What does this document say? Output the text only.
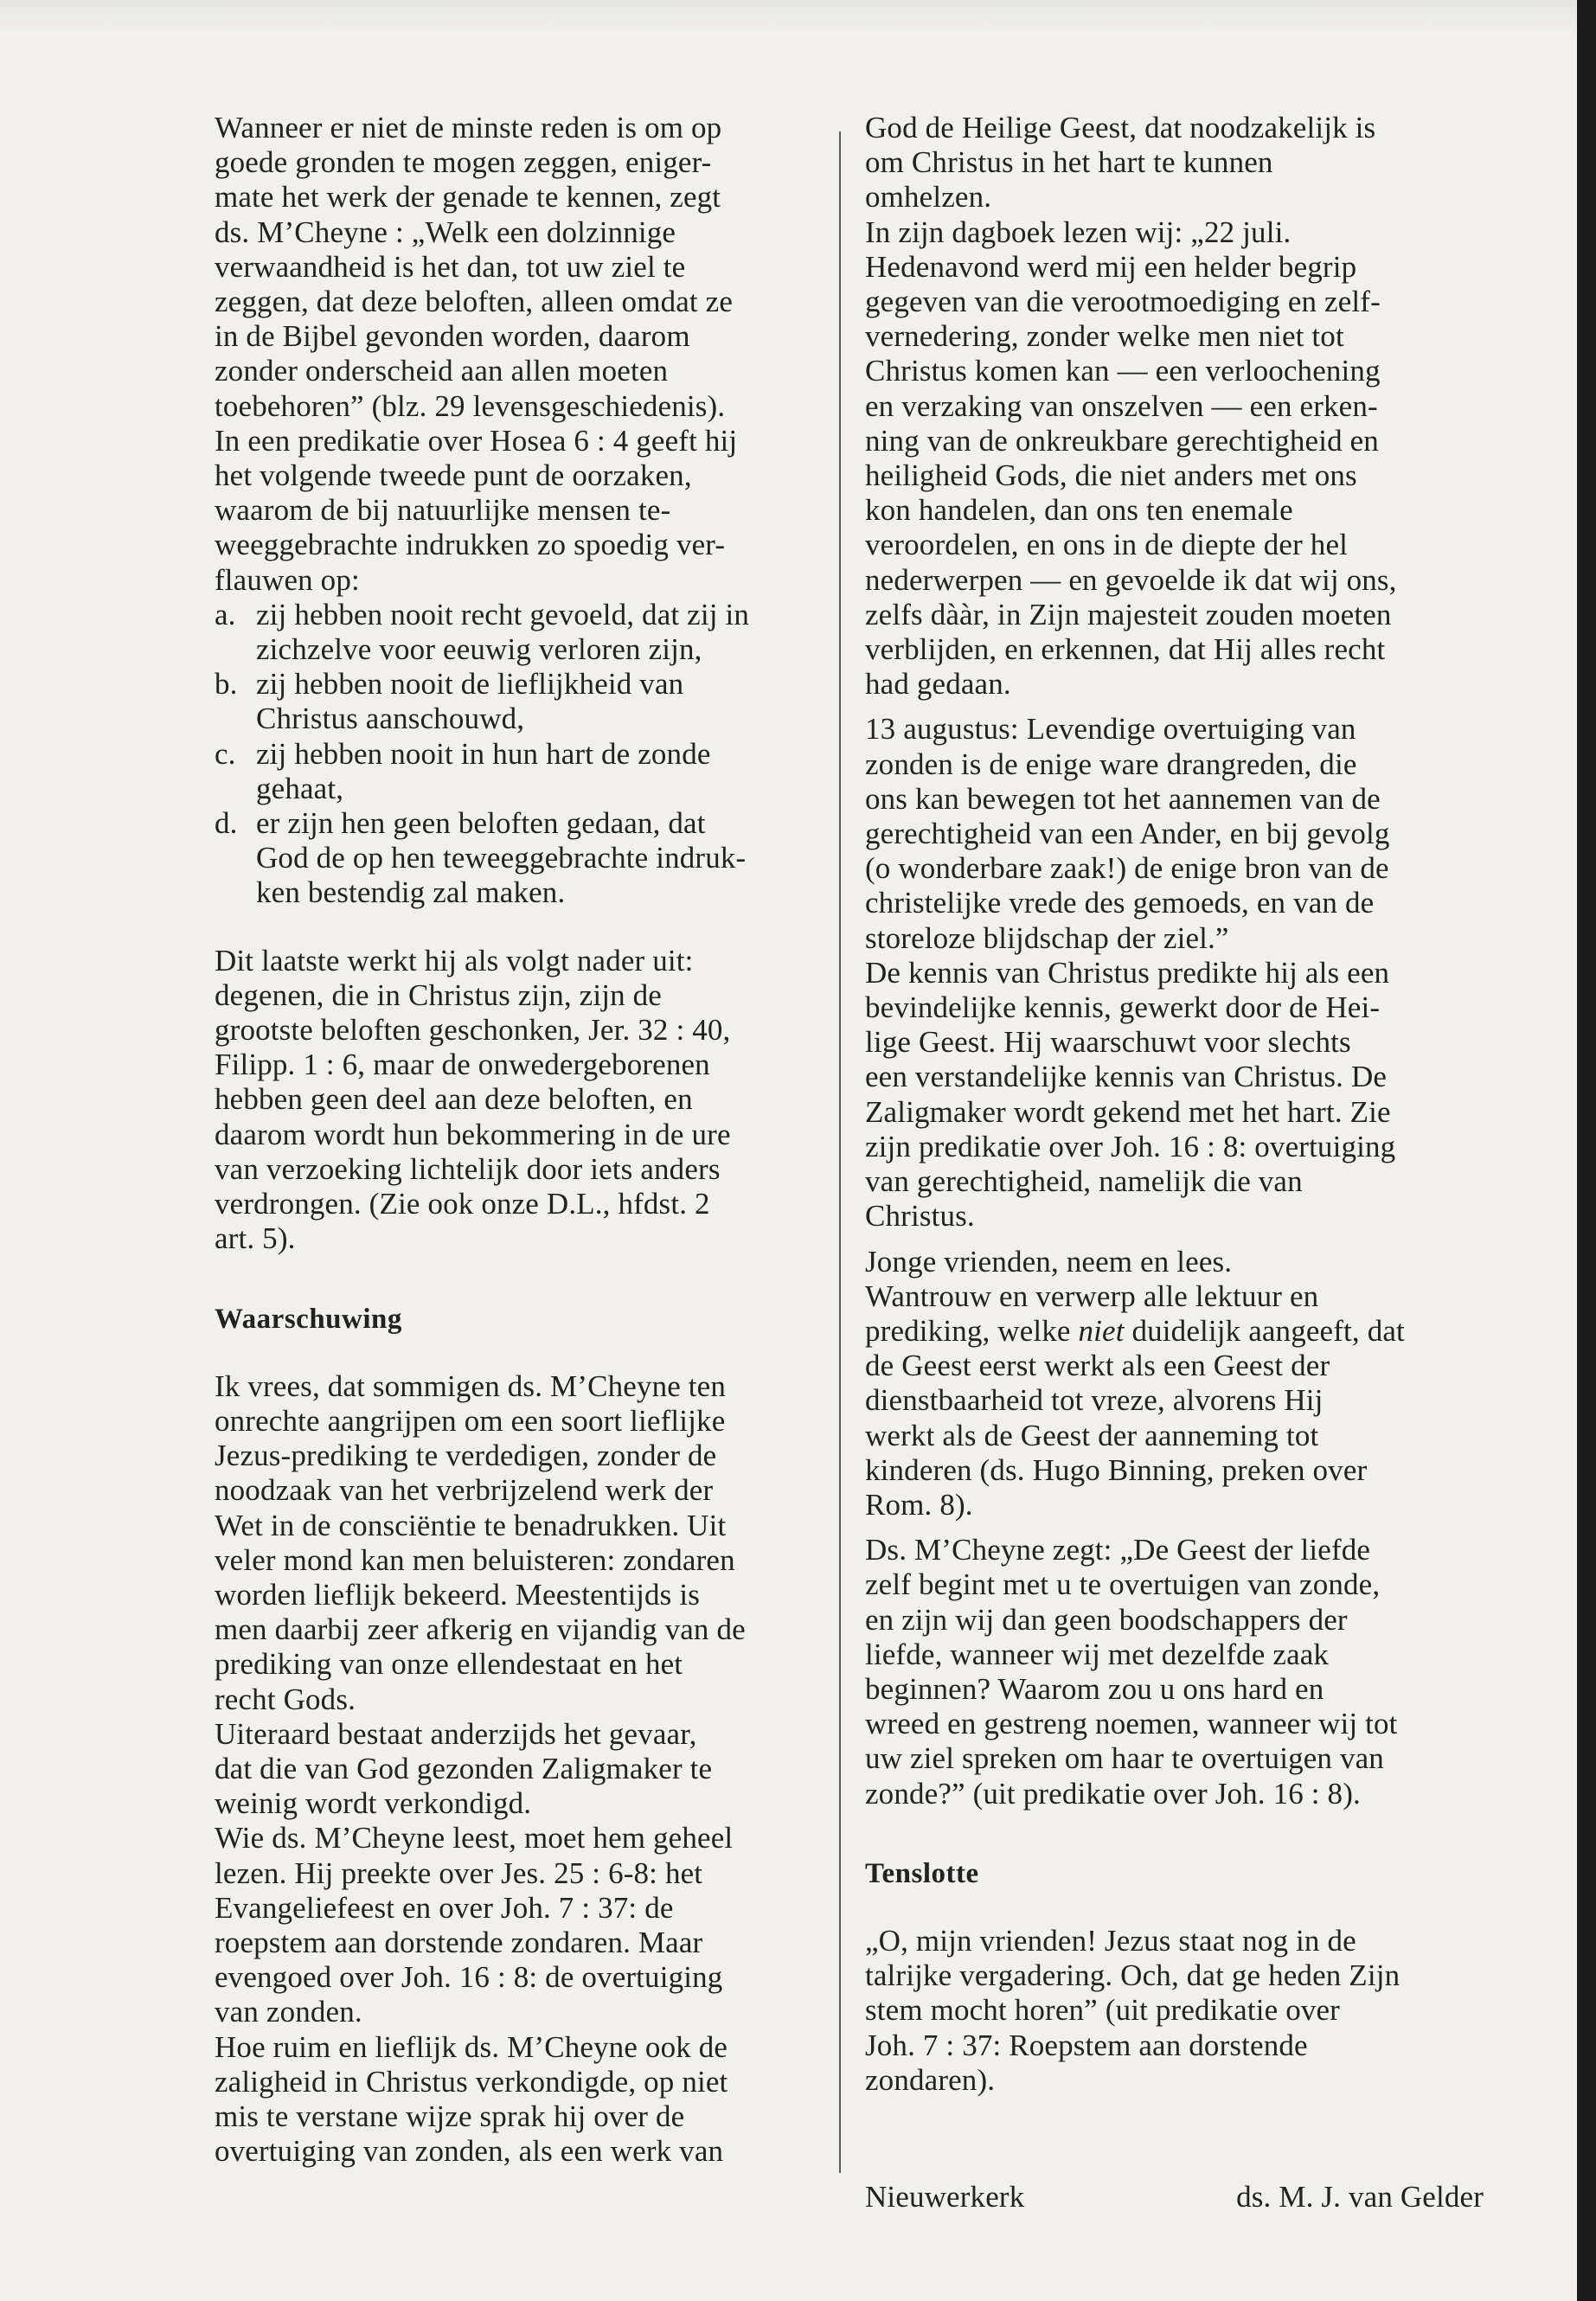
Wanneer er niet de minste reden is om op
goede gronden te mogen zeggen, eniger-
mate het werk der genade te kennen, zegt
ds. M’Cheyne : „Welk een dolzinnige
verwaandheid is het dan, tot uw ziel te
zeggen, dat deze beloften, alleen omdat ze
in de Bijbel gevonden worden, daarom
zonder onderscheid aan allen moeten
toebehoren” (blz. 29 levensgeschiedenis).
In een predikatie over Hosea 6 : 4 geeft hij
het volgende tweede punt de oorzaken,
waarom de bij natuurlijke mensen te-
weeggebrachte indrukken zo spoedig ver-
flauwen op:
a. zij hebben nooit recht gevoeld, dat zij in
zichzelve voor eeuwig verloren zijn,
b. zij hebben nooit de lieflijkheid van
Christus aanschouwd,
c. zij hebben nooit in hun hart de zonde
gehaat,
d. er zijn hen geen beloften gedaan, dat
God de op hen teweeggebrachte indruk-
ken bestendig zal maken.
Dit laatste werkt hij als volgt nader uit:
degenen, die in Christus zijn, zijn de
grootste beloften geschonken, Jer. 32 : 40,
Filipp. 1 : 6, maar de onwedergeborenen
hebben geen deel aan deze beloften, en
daarom wordt hun bekommering in de ure
van verzoeking lichtelijk door iets anders
verdrongen. (Zie ook onze D.L., hfdst. 2
art. 5).
Waarschuwing
Ik vrees, dat sommigen ds. M’Cheyne ten
onrechte aangrijpen om een soort lieflijke
Jezus-prediking te verdedigen, zonder de
noodzaak van het verbrijzelend werk der
Wet in de consciëntie te benadrukken. Uit
veler mond kan men beluisteren: zondaren
worden lieflijk bekeerd. Meestentijds is
men daarbij zeer afkerig en vijandig van de
prediking van onze ellendestaat en het
recht Gods.
Uiteraard bestaat anderzijds het gevaar,
dat die van God gezonden Zaligmaker te
weinig wordt verkondigd.
Wie ds. M’Cheyne leest, moet hem geheel
lezen. Hij preekte over Jes. 25 : 6-8: het
Evangeliefeest en over Joh. 7 : 37: de
roepstem aan dorstende zondaren. Maar
evengoed over Joh. 16 : 8: de overtuiging
van zonden.
Hoe ruim en lieflijk ds. M’Cheyne ook de
zaligheid in Christus verkondigde, op niet
mis te verstane wijze sprak hij over de
overtuiging van zonden, als een werk van
God de Heilige Geest, dat noodzakelijk is
om Christus in het hart te kunnen
omhelzen.
In zijn dagboek lezen wij: „22 juli.
Hedenavond werd mij een helder begrip
gegeven van die verootmoediging en zelf-
vernedering, zonder welke men niet tot
Christus komen kan — een verloochening
en verzaking van onszelven — een erken-
ning van de onkreukbare gerechtigheid en
heiligheid Gods, die niet anders met ons
kon handelen, dan ons ten enemale
veroordelen, en ons in de diepte der hel
nederwerpen — en gevoelde ik dat wij ons,
zelfs dààr, in Zijn majesteit zouden moeten
verblijden, en erkennen, dat Hij alles recht
had gedaan.
13 augustus: Levendige overtuiging van
zonden is de enige ware drangreden, die
ons kan bewegen tot het aannemen van de
gerechtigheid van een Ander, en bij gevolg
(o wonderbare zaak!) de enige bron van de
christelijke vrede des gemoeds, en van de
storeloze blijdschap der ziel.”
De kennis van Christus predikte hij als een
bevindelijke kennis, gewerkt door de Hei-
lige Geest. Hij waarschuwt voor slechts
een verstandelijke kennis van Christus. De
Zaligmaker wordt gekend met het hart. Zie
zijn predikatie over Joh. 16 : 8: overtuiging
van gerechtigheid, namelijk die van
Christus.
Jonge vrienden, neem en lees.
Wantrouw en verwerp alle lektuur en
prediking, welke niet duidelijk aangeeft, dat
de Geest eerst werkt als een Geest der
dienstbaarheid tot vreze, alvorens Hij
werkt als de Geest der aanneming tot
kinderen (ds. Hugo Binning, preken over
Rom. 8).
Ds. M’Cheyne zegt: „De Geest der liefde
zelf begint met u te overtuigen van zonde,
en zijn wij dan geen boodschappers der
liefde, wanneer wij met dezelfde zaak
beginnen? Waarom zou u ons hard en
wreed en gestreng noemen, wanneer wij tot
uw ziel spreken om haar te overtuigen van
zonde?” (uit predikatie over Joh. 16 : 8).
Tenslotte
„O, mijn vrienden! Jezus staat nog in de
talrijke vergadering. Och, dat ge heden Zijn
stem mocht horen” (uit predikatie over
Joh. 7 : 37: Roepstem aan dorstende
zondaren).
Nieuwerkerk	ds. M. J. van Gelder
